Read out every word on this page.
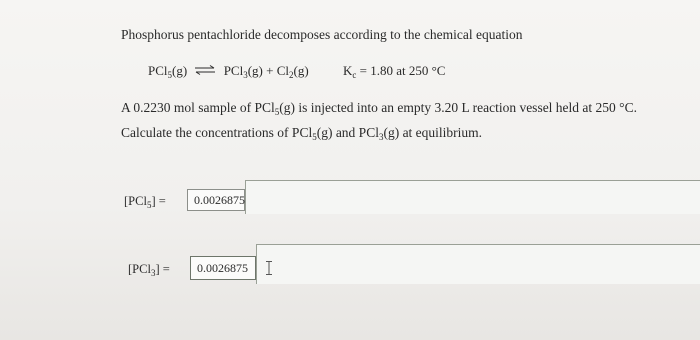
Phosphorus pentachloride decomposes according to the chemical equation
PCl$_5$(g) ⇌ $PCl_3(g) + Cl_2(g)$	$K_c = 1.80$ at 250 °C
A 0.2230 mol sample of PCl$_5$(g) is injected into an empty 3.20 L reaction vessel held at 250 °C.
Calculate the concentrations of PCl$_5$(g) and PCl$_3$(g) at equilibrium.
[PCl$_5$] = 0.0026875
[PCl$_3$] = 0.0026875
